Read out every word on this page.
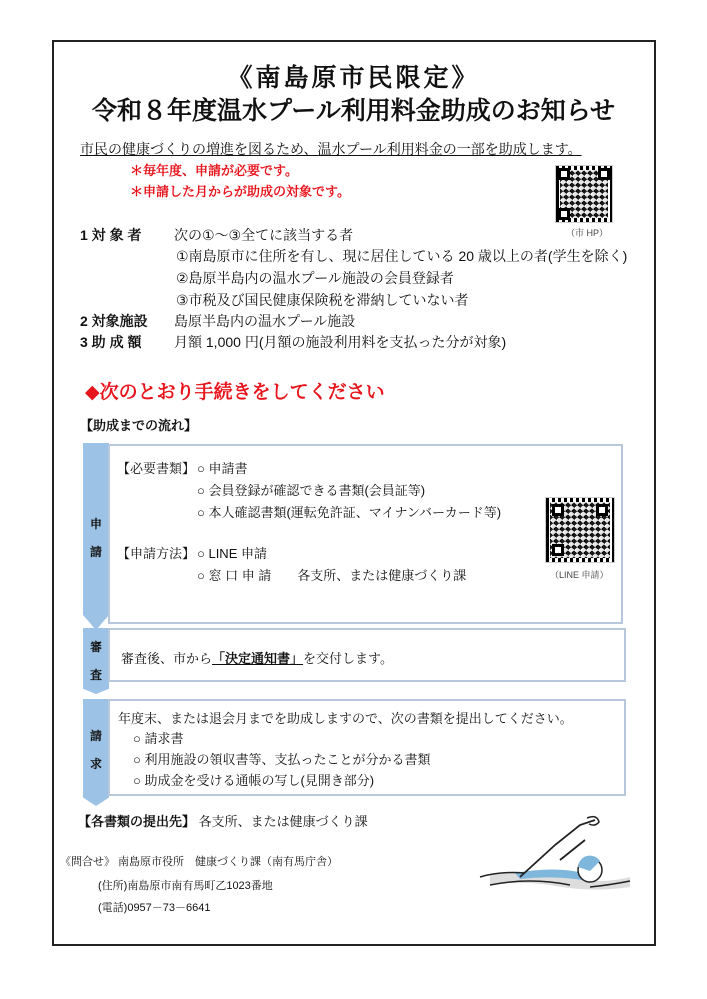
《南島原市民限定》
令和８年度温水プール利用料金助成のお知らせ
市民の健康づくりの増進を図るため、温水プール利用料金の一部を助成します。
＊毎年度、申請が必要です。
＊申請した月からが助成の対象です。
（市 HP）
1 対 象 者 次の①～③全てに該当する者
①南島原市に住所を有し、現に居住している 20 歳以上の者(学生を除く)
②島原半島内の温水プール施設の会員登録者
③市税及び国民健康保険税を滞納していない者
2 対象施設 島原半島内の温水プール施設
3 助 成 額 月額 1,000 円(月額の施設利用料を支払った分が対象)
◆次のとおり手続きをしてください
【助成までの流れ】
申
請
【必要書類】 ○ 申請書
○ 会員登録が確認できる書類(会員証等)
○ 本人確認書類(運転免許証、マイナンバーカード等)
【申請方法】 ○ LINE 申請
○ 窓 口 申 請　　各支所、または健康づくり課	（LINE 申請）
審
査
審査後、市から「決定通知書」を交付します。
請
求
年度末、または退会月までを助成しますので、次の書類を提出してください。
○ 請求書
○ 利用施設の領収書等、支払ったことが分かる書類
○ 助成金を受ける通帳の写し(見開き部分)
【各書類の提出先】 各支所、または健康づくり課
《問合せ》 南島原市役所　健康づくり課（南有馬庁舎）
(住所)南島原市南有馬町乙1023番地
(電話)0957－73－6641
